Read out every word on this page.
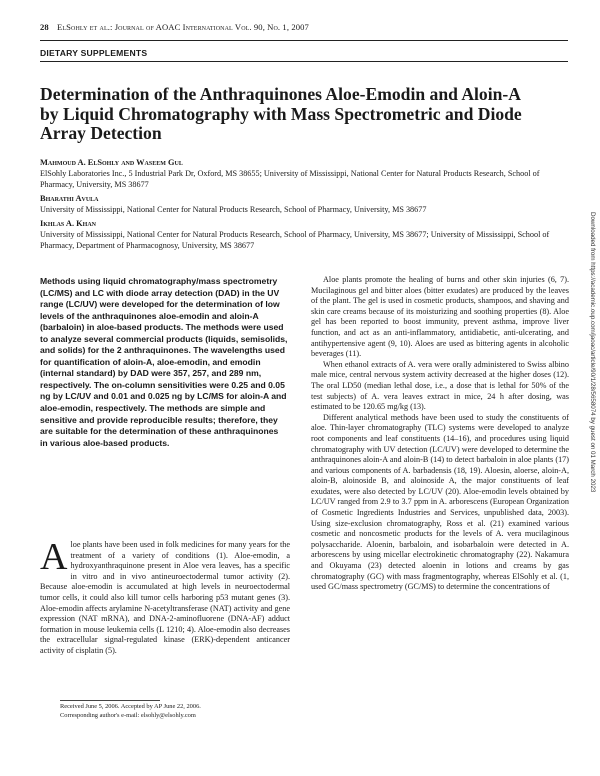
28 ElSohly et al.: Journal of AOAC International Vol. 90, No. 1, 2007
DIETARY SUPPLEMENTS
Determination of the Anthraquinones Aloe-Emodin and Aloin-A by Liquid Chromatography with Mass Spectrometric and Diode Array Detection
Mahmoud A. ElSohly and Waseem Gul
ElSohly Laboratories Inc., 5 Industrial Park Dr, Oxford, MS 38655; University of Mississippi, National Center for Natural Products Research, School of Pharmacy, University, MS 38677
Bharathi Avula
University of Mississippi, National Center for Natural Products Research, School of Pharmacy, University, MS 38677
Ikhlas A. Khan
University of Mississippi, National Center for Natural Products Research, School of Pharmacy, University, MS 38677; University of Mississippi, School of Pharmacy, Department of Pharmacognosy, University, MS 38677
Methods using liquid chromatography/mass spectrometry (LC/MS) and LC with diode array detection (DAD) in the UV range (LC/UV) were developed for the determination of low levels of the anthraquinones aloe-emodin and aloin-A (barbaloin) in aloe-based products. The methods were used to analyze several commercial products (liquids, semisolids, and solids) for the 2 anthraquinones. The wavelengths used for quantification of aloin-A, aloe-emodin, and emodin (internal standard) by DAD were 357, 257, and 289 nm, respectively. The on-column sensitivities were 0.25 and 0.05 ng by LC/UV and 0.01 and 0.025 ng by LC/MS for aloin-A and aloe-emodin, respectively. The methods are simple and sensitive and provide reproducible results; therefore, they are suitable for the determination of these anthraquinones in various aloe-based products.
Aloe plants have been used in folk medicines for many years for the treatment of a variety of conditions (1). Aloe-emodin, a hydroxyanthraquinone present in Aloe vera leaves, has a specific in vitro and in vivo antineuroectodermal tumor activity (2). Because aloe-emodin is accumulated at high levels in neuroectodermal tumor cells, it could also kill tumor cells harboring p53 mutant genes (3). Aloe-emodin affects arylamine N-acetyltransferase (NAT) activity and gene expression (NAT mRNA), and DNA-2-aminofluorene (DNA-AF) adduct formation in mouse leukemia cells (L 1210; 4). Aloe-emodin also decreases the extracellular signal-regulated kinase (ERK)-dependent anticancer activity of cisplatin (5).
Received June 5, 2006. Accepted by AP June 22, 2006.
Corresponding author's e-mail: elsohly@elsohly.com

Aloe plants promote the healing of burns and other skin injuries (6, 7). Mucilaginous gel and bitter aloes (bitter exudates) are produced by the leaves of the plant. The gel is used in cosmetic products, shampoos, and shaving and skin care creams because of its moisturizing and soothing properties (8). Aloe gel has been reported to boost immunity, prevent asthma, improve liver function, and act as an anti-inflammatory, antidiabetic, anti-ulcerating, and antihypertensive agent (9, 10). Aloes are used as bittering agents in alcoholic beverages (11).

When ethanol extracts of A. vera were orally administered to Swiss albino male mice, central nervous system activity decreased at the higher doses (12). The oral LD50 (median lethal dose, i.e., a dose that is lethal for 50% of the test subjects) of A. vera leaves extract in mice, 24 h after dosing, was estimated to be 120.65 mg/kg (13).

Different analytical methods have been used to study the constituents of aloe. Thin-layer chromatography (TLC) systems were developed to analyze root components and leaf constituents (14–16), and procedures using liquid chromatography with UV detection (LC/UV) were developed to determine the anthraquinones aloin-A and aloin-B (14) to detect barbaloin in aloe plants (17) and various components of A. barbadensis (18, 19). Aloesin, aloerse, aloin-A, aloin-B, aloinoside B, and aloinoside A, the major constituents of leaf exudates, were also detected by LC/UV (20). Aloe-emodin levels obtained by LC/UV ranged from 2.9 to 3.7 ppm in A. arborescens (European Organization of Cosmetic Ingredients Industries and Services, unpublished data, 2003). Using size-exclusion chromatography, Ross et al. (21) examined various cosmetic and noncosmetic products for the levels of A. vera mucilaginous polysaccharide. Aloenin, barbaloin, and isobarbaloin were detected in A. arborescens by using micellar electrokinetic chromatography (22). Nakamura and Okuyama (23) detected aloenin in lotions and creams by gas chromatography (GC) with mass fragmentography, whereas ElSohly et al. (1, used GC/mass spectrometry (GC/MS) to determine the concentrations of

Downloaded from https://academic.oup.com/jaoac/article/90/1/28/5658074 by guest on 01 March 2023
